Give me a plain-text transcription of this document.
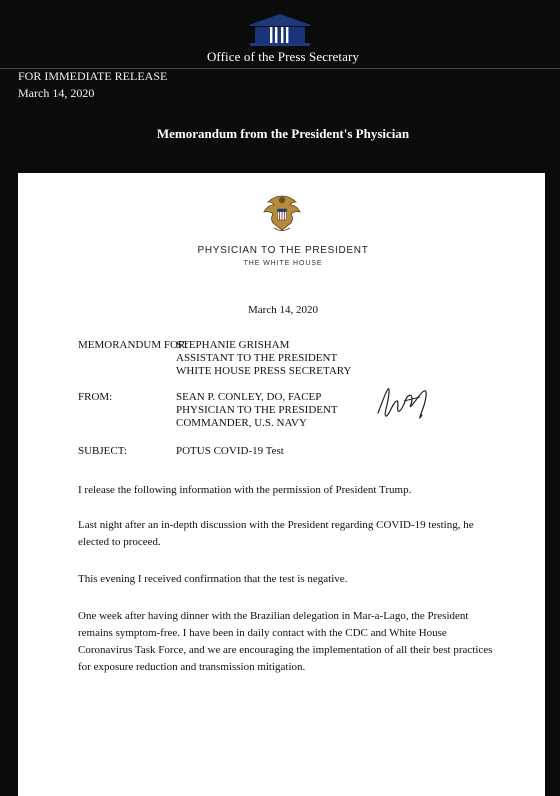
Office of the Press Secretary
FOR IMMEDIATE RELEASE
March 14, 2020
Memorandum from the President's Physician
PHYSICIAN TO THE PRESIDENT
THE WHITE HOUSE
March 14, 2020
MEMORANDUM FOR:
STEPHANIE GRISHAM
ASSISTANT TO THE PRESIDENT
WHITE HOUSE PRESS SECRETARY
FROM:	SEAN P. CONLEY, DO, FACEP
PHYSICIAN TO THE PRESIDENT
COMMANDER, U.S. NAVY
SUBJECT:	POTUS COVID-19 Test

I release the following information with the permission of President Trump.

Last night after an in-depth discussion with the President regarding COVID-19 testing, he elected to proceed.

This evening I received confirmation that the test is negative.

One week after having dinner with the Brazilian delegation in Mar-a-Lago, the President remains symptom-free. I have been in daily contact with the CDC and White House Coronavirus Task Force, and we are encouraging the implementation of all their best practices for exposure reduction and transmission mitigation.
